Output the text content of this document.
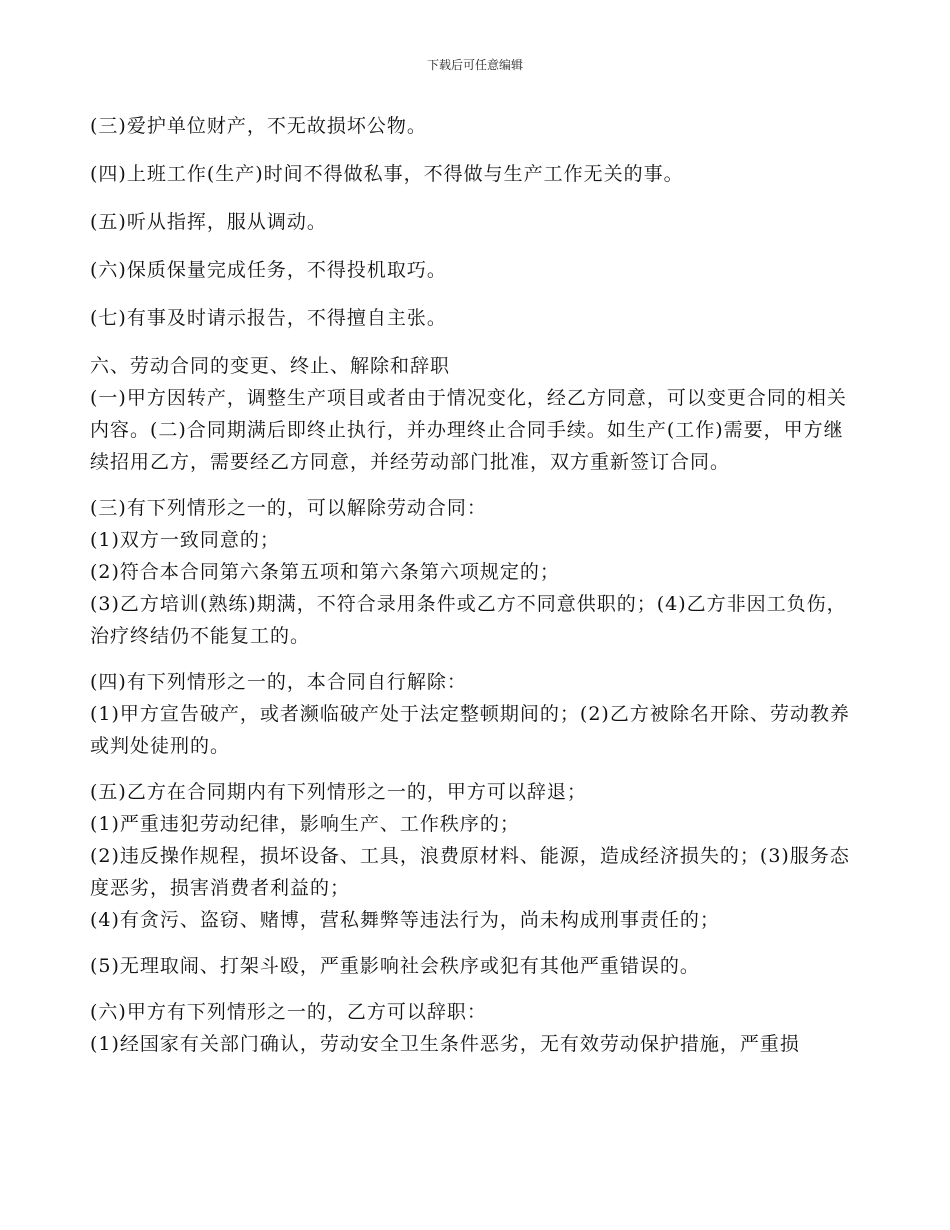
下载后可任意编辑

(三)爱护单位财产，不无故损坏公物。

(四)上班工作(生产)时间不得做私事，不得做与生产工作无关的事。

(五)听从指挥，服从调动。

(六)保质保量完成任务，不得投机取巧。

(七)有事及时请示报告，不得擅自主张。

六、劳动合同的变更、终止、解除和辞职

(一)甲方因转产，调整生产项目或者由于情况变化，经乙方同意，可以变更合同的相关内容。(二)合同期满后即终止执行，并办理终止合同手续。如生产(工作)需要，甲方继续招用乙方，需要经乙方同意，并经劳动部门批准，双方重新签订合同。

(三)有下列情形之一的，可以解除劳动合同：

(1)双方一致同意的；

(2)符合本合同第六条第五项和第六条第六项规定的；

(3)乙方培训(熟练)期满，不符合录用条件或乙方不同意供职的；(4)乙方非因工负伤，治疗终结仍不能复工的。

(四)有下列情形之一的，本合同自行解除：

(1)甲方宣告破产，或者濒临破产处于法定整顿期间的；(2)乙方被除名开除、劳动教养或判处徒刑的。

(五)乙方在合同期内有下列情形之一的，甲方可以辞退；

(1)严重违犯劳动纪律，影响生产、工作秩序的；

(2)违反操作规程，损坏设备、工具，浪费原材料、能源，造成经济损失的；(3)服务态度恶劣，损害消费者利益的；

(4)有贪污、盗窃、赌博，营私舞弊等违法行为，尚未构成刑事责任的；

(5)无理取闹、打架斗殴，严重影响社会秩序或犯有其他严重错误的。

(六)甲方有下列情形之一的，乙方可以辞职：

(1)经国家有关部门确认，劳动安全卫生条件恶劣，无有效劳动保护措施，严重损
